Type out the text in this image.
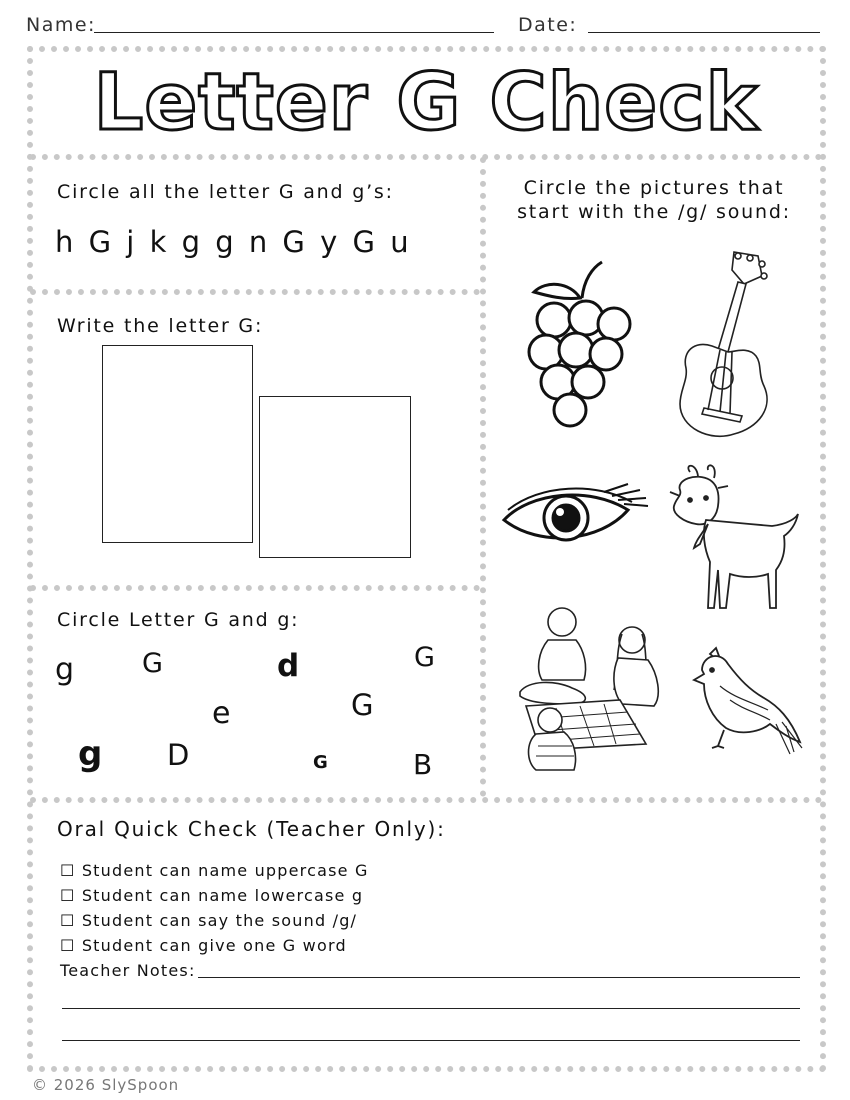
Name:	Date:
Letter G Check
Circle all the letter G and g’s:
h G j k g g n G y G u
Write the letter G:
Circle Letter G and g:
g	G	d	G
e	G
g D	G	B
Circle the pictures that
start with the /g/ sound:
Oral Quick Check (Teacher Only):
☐ Student can name uppercase G
☐ Student can name lowercase g
☐ Student can say the sound /g/
☐ Student can give one G word
Teacher Notes:
© 2026 SlySpoon
